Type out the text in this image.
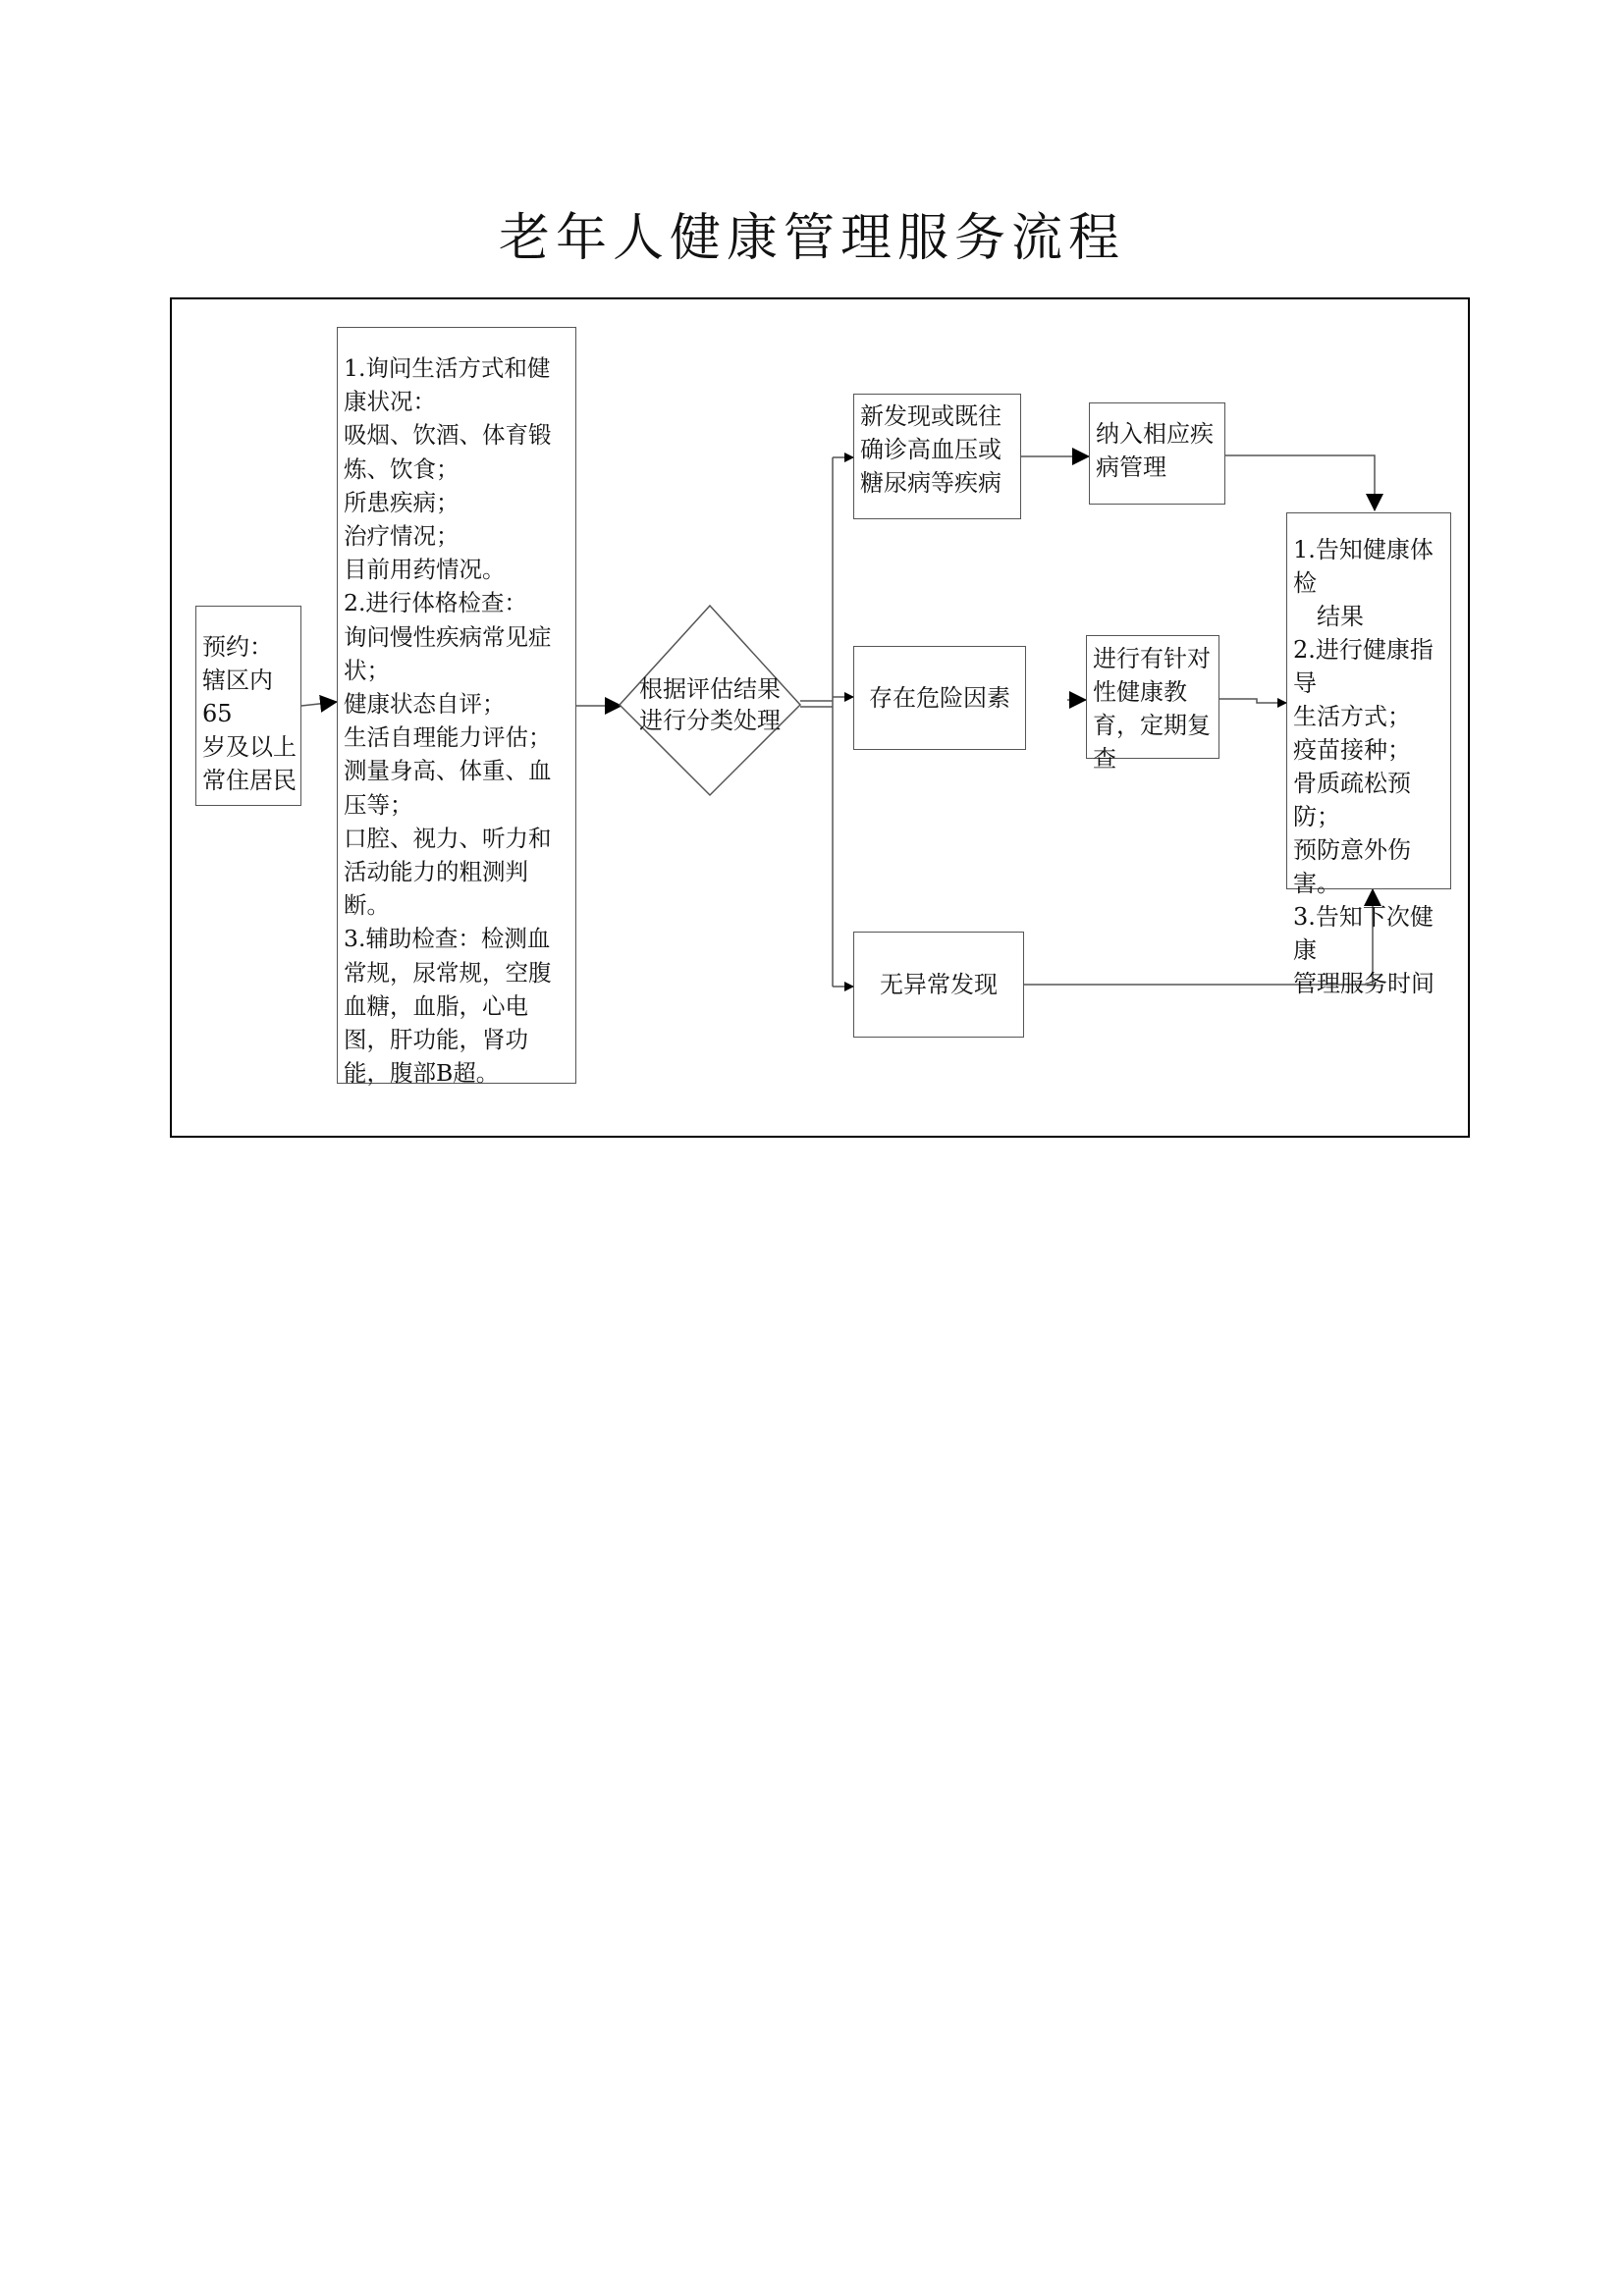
老年人健康管理服务流程
预约：
辖区内65
岁及以上
常住居民
1.询问生活方式和健康状况：
吸烟、饮酒、体育锻炼、饮食；
所患疾病；
治疗情况；
目前用药情况。
2.进行体格检查：
询问慢性疾病常见症状；
健康状态自评；
生活自理能力评估；
测量身高、体重、血压等；
口腔、视力、听力和活动能力的粗测判断。
3.辅助检查：检测血常规，尿常规，空腹血糖，血脂，心电图，肝功能，肾功能，腹部B超。
根据评估结果
进行分类处理
新发现或既往确诊高血压或糖尿病等疾病
存在危险因素
无异常发现
纳入相应疾病管理
进行有针对性健康教育，定期复查
1.告知健康体检
　结果
2.进行健康指导
生活方式；
疫苗接种；
骨质疏松预防；
预防意外伤害。
3.告知下次健康
管理服务时间
